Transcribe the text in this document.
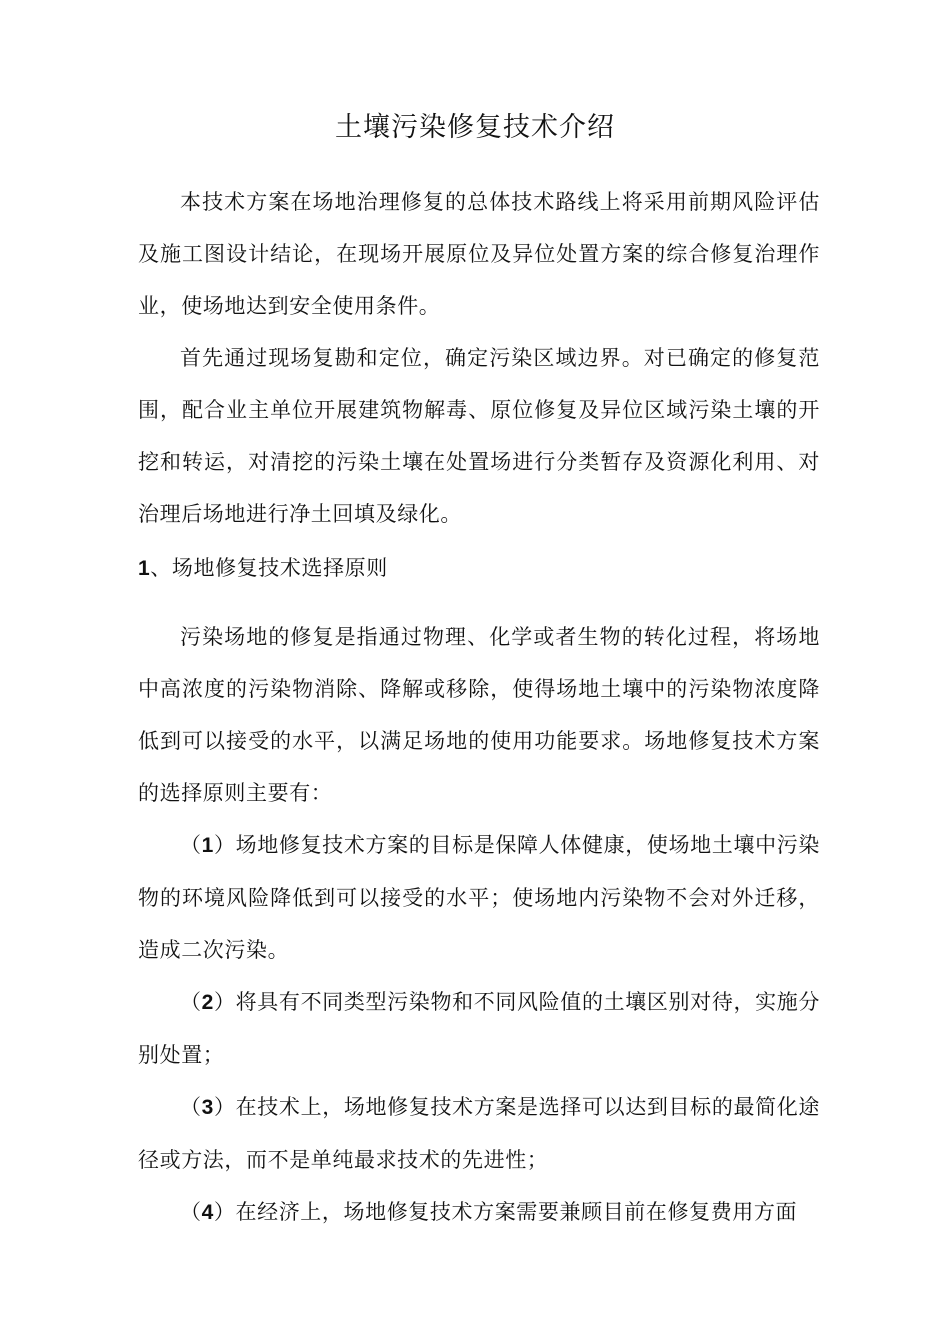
土壤污染修复技术介绍

本技术方案在场地治理修复的总体技术路线上将采用前期风险评估及施工图设计结论，在现场开展原位及异位处置方案的综合修复治理作业，使场地达到安全使用条件。

首先通过现场复勘和定位，确定污染区域边界。对已确定的修复范围，配合业主单位开展建筑物解毒、原位修复及异位区域污染土壤的开挖和转运，对清挖的污染土壤在处置场进行分类暂存及资源化利用、对治理后场地进行净土回填及绿化。

1、场地修复技术选择原则

污染场地的修复是指通过物理、化学或者生物的转化过程，将场地中高浓度的污染物消除、降解或移除，使得场地土壤中的污染物浓度降低到可以接受的水平，以满足场地的使用功能要求。场地修复技术方案的选择原则主要有：

（1）场地修复技术方案的目标是保障人体健康，使场地土壤中污染物的环境风险降低到可以接受的水平；使场地内污染物不会对外迁移，造成二次污染。

（2）将具有不同类型污染物和不同风险值的土壤区别对待，实施分别处置；

（3）在技术上，场地修复技术方案是选择可以达到目标的最简化途径或方法，而不是单纯最求技术的先进性；

（4）在经济上，场地修复技术方案需要兼顾目前在修复费用方面
